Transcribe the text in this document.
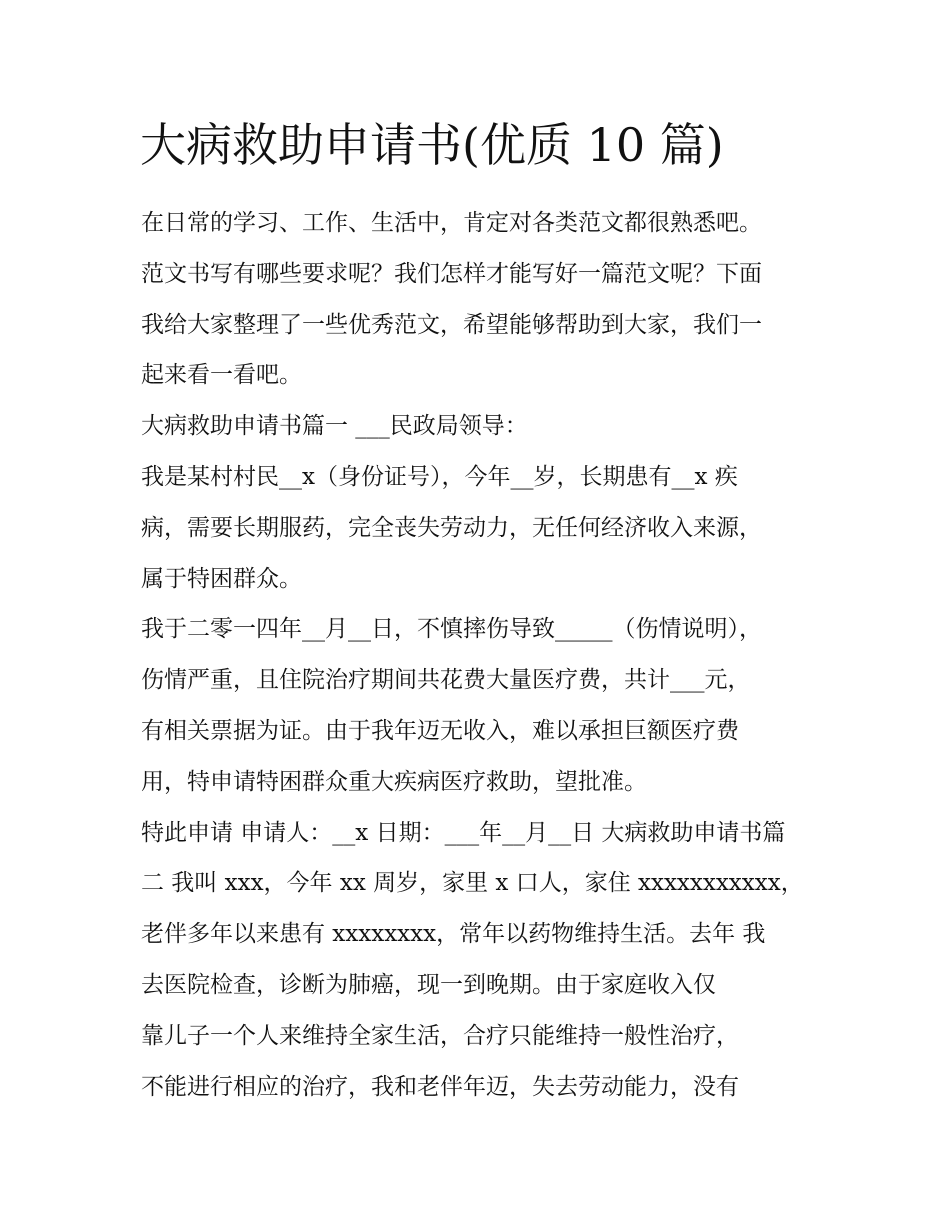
大病救助申请书(优质 10 篇)
在日常的学习、工作、生活中，肯定对各类范文都很熟悉吧。
范文书写有哪些要求呢？我们怎样才能写好一篇范文呢？下面
我给大家整理了一些优秀范文，希望能够帮助到大家，我们一
起来看一看吧。
大病救助申请书篇一 ___民政局领导：
我是某村村民__x（身份证号），今年__岁，长期患有__x 疾
病，需要长期服药，完全丧失劳动力，无任何经济收入来源，
属于特困群众。
我于二零一四年__月__日，不慎摔伤导致_____（伤情说明），
伤情严重，且住院治疗期间共花费大量医疗费，共计___元，
有相关票据为证。由于我年迈无收入，难以承担巨额医疗费
用，特申请特困群众重大疾病医疗救助，望批准。
特此申请 申请人：__x 日期：___年__月__日 大病救助申请书篇
二 我叫 xxx，今年 xx 周岁，家里 x 口人，家住 xxxxxxxxxxx，
老伴多年以来患有 xxxxxxxx，常年以药物维持生活。去年 我
去医院检查，诊断为肺癌，现一到晚期。由于家庭收入仅
靠儿子一个人来维持全家生活，合疗只能维持一般性治疗，
不能进行相应的治疗，我和老伴年迈，失去劳动能力，没有
